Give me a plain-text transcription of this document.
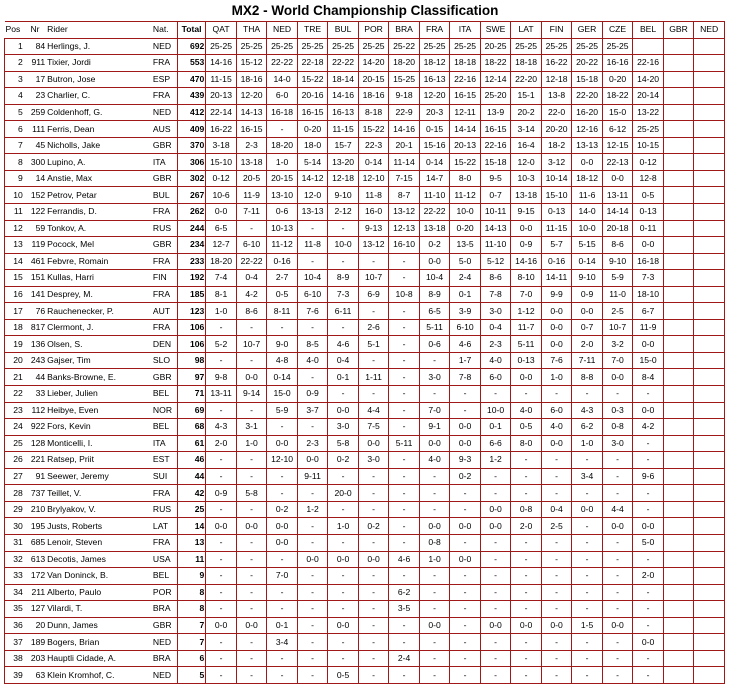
MX2 - World Championship Classification
Pos	Nr	Rider	Nat.	Total	QAT	THA	NED	TRE	BUL	POR	BRA	FRA	ITA	SWE	LAT	FIN	GER	CZE	BEL	GBR	NED
1	84	Herlings, J.	NED	692	25-25	25-25	25-25	25-25	25-25	25-25	25-22	25-25	25-25	20-25	25-25	25-25	25-25	25-25			
2	911	Tixier, Jordi	FRA	553	14-16	15-12	22-22	22-18	22-22	14-20	18-20	18-12	18-18	18-22	18-18	16-22	20-22	16-16	22-16		
3	17	Butron, Jose	ESP	470	11-15	18-16	14-0	15-22	18-14	20-15	15-25	16-13	22-16	12-14	22-20	12-18	15-18	0-20	14-20		
4	23	Charlier, C.	FRA	439	20-13	12-20	6-0	20-16	14-16	18-16	9-18	12-20	16-15	25-20	15-1	13-8	22-20	18-22	20-14		
5	259	Coldenhoff, G.	NED	412	22-14	14-13	16-18	16-15	16-13	8-18	22-9	20-3	12-11	13-9	20-2	22-0	16-20	15-0	13-22		
6	111	Ferris, Dean	AUS	409	16-22	16-15	-	0-20	11-15	15-22	14-16	0-15	14-14	16-15	3-14	20-20	12-16	6-12	25-25		
7	45	Nicholls, Jake	GBR	370	3-18	2-3	18-20	18-0	15-7	22-3	20-1	15-16	20-13	22-16	16-4	18-2	13-13	12-15	10-15		
8	300	Lupino, A.	ITA	306	15-10	13-18	1-0	5-14	13-20	0-14	11-14	0-14	15-22	15-18	12-0	3-12	0-0	22-13	0-12		
9	14	Anstie, Max	GBR	302	0-12	20-5	20-15	14-12	12-18	12-10	7-15	14-7	8-0	9-5	10-3	10-14	18-12	0-0	12-8		
10	152	Petrov, Petar	BUL	267	10-6	11-9	13-10	12-0	9-10	11-8	8-7	11-10	11-12	0-7	13-18	15-10	11-6	13-11	0-5		
11	122	Ferrandis, D.	FRA	262	0-0	7-11	0-6	13-13	2-12	16-0	13-12	22-22	10-0	10-11	9-15	0-13	14-0	14-14	0-13		
12	59	Tonkov, A.	RUS	244	6-5	-	10-13	-	-	9-13	12-13	13-18	0-20	14-13	0-0	11-15	10-0	20-18	0-11		
13	119	Pocock, Mel	GBR	234	12-7	6-10	11-12	11-8	10-0	13-12	16-10	0-2	13-5	11-10	0-9	5-7	5-15	8-6	0-0		
14	461	Febvre, Romain	FRA	233	18-20	22-22	0-16	-	-	-	-	0-0	5-0	5-12	14-16	0-16	0-14	9-10	16-18		
15	151	Kullas, Harri	FIN	192	7-4	0-4	2-7	10-4	8-9	10-7	-	10-4	2-4	8-6	8-10	14-11	9-10	5-9	7-3		
16	141	Desprey, M.	FRA	185	8-1	4-2	0-5	6-10	7-3	6-9	10-8	8-9	0-1	7-8	7-0	9-9	0-9	11-0	18-10		
17	76	Rauchenecker, P.	AUT	123	1-0	8-6	8-11	7-6	6-11	-	-	6-5	3-9	3-0	1-12	0-0	0-0	2-5	6-7		
18	817	Clermont, J.	FRA	106	-	-	-	-	-	2-6	-	5-11	6-10	0-4	11-7	0-0	0-7	10-7	11-9		
19	136	Olsen, S.	DEN	106	5-2	10-7	9-0	8-5	4-6	5-1	-	0-6	4-6	2-3	5-11	0-0	2-0	3-2	0-0		
20	243	Gajser, Tim	SLO	98	-	-	4-8	4-0	0-4	-	-	-	1-7	4-0	0-13	7-6	7-11	7-0	15-0		
21	44	Banks-Browne, E.	GBR	97	9-8	0-0	0-14	-	0-1	1-11	-	3-0	7-8	6-0	0-0	1-0	8-8	0-0	8-4		
22	33	Lieber, Julien	BEL	71	13-11	9-14	15-0	0-9	-	-	-	-	-	-	-	-	-	-	-		
23	112	Heibye, Even	NOR	69	-	-	5-9	3-7	0-0	4-4	-	7-0	-	10-0	4-0	6-0	4-3	0-3	0-0		
24	922	Fors, Kevin	BEL	68	4-3	3-1	-	-	3-0	7-5	-	9-1	0-0	0-1	0-5	4-0	6-2	0-8	4-2		
25	128	Monticelli, I.	ITA	61	2-0	1-0	0-0	2-3	5-8	0-0	5-11	0-0	0-0	6-6	8-0	0-0	1-0	3-0	-		
26	221	Ratsep, Priit	EST	46	-	-	12-10	0-0	0-2	3-0	-	4-0	9-3	1-2	-	-	-	-	-		
27	91	Seewer, Jeremy	SUI	44	-	-	-	9-11	-	-	-	-	0-2	-	-	-	3-4	-	9-6		
28	737	Teillet, V.	FRA	42	0-9	5-8	-	-	20-0	-	-	-	-	-	-	-	-	-	-		
29	210	Brylyakov, V.	RUS	25	-	-	0-2	1-2	-	-	-	-	-	0-0	0-8	0-4	0-0	4-4	-		
30	195	Justs, Roberts	LAT	14	0-0	0-0	0-0	-	1-0	0-2	-	0-0	0-0	0-0	2-0	2-5	-	0-0	0-0		
31	685	Lenoir, Steven	FRA	13	-	-	0-0	-	-	-	-	0-8	-	-	-	-	-	-	5-0		
32	613	Decotis, James	USA	11	-	-	-	0-0	0-0	0-0	4-6	1-0	0-0	-	-	-	-	-	-		
33	172	Van Doninck, B.	BEL	9	-	-	7-0	-	-	-	-	-	-	-	-	-	-	-	2-0		
34	211	Alberto, Paulo	POR	8	-	-	-	-	-	-	6-2	-	-	-	-	-	-	-	-		
35	127	Vilardi, T.	BRA	8	-	-	-	-	-	-	3-5	-	-	-	-	-	-	-	-		
36	20	Dunn, James	GBR	7	0-0	0-0	0-1	-	0-0	-	-	0-0	-	0-0	0-0	0-0	1-5	0-0	-		
37	189	Bogers, Brian	NED	7	-	-	3-4	-	-	-	-	-	-	-	-	-	-	-	0-0		
38	203	Hauptli Cidade, A.	BRA	6	-	-	-	-	-	-	2-4	-	-	-	-	-	-	-	-		
39	63	Klein Kromhof, C.	NED	5	-	-	-	-	0-5	-	-	-	-	-	-	-	-	-	-		
